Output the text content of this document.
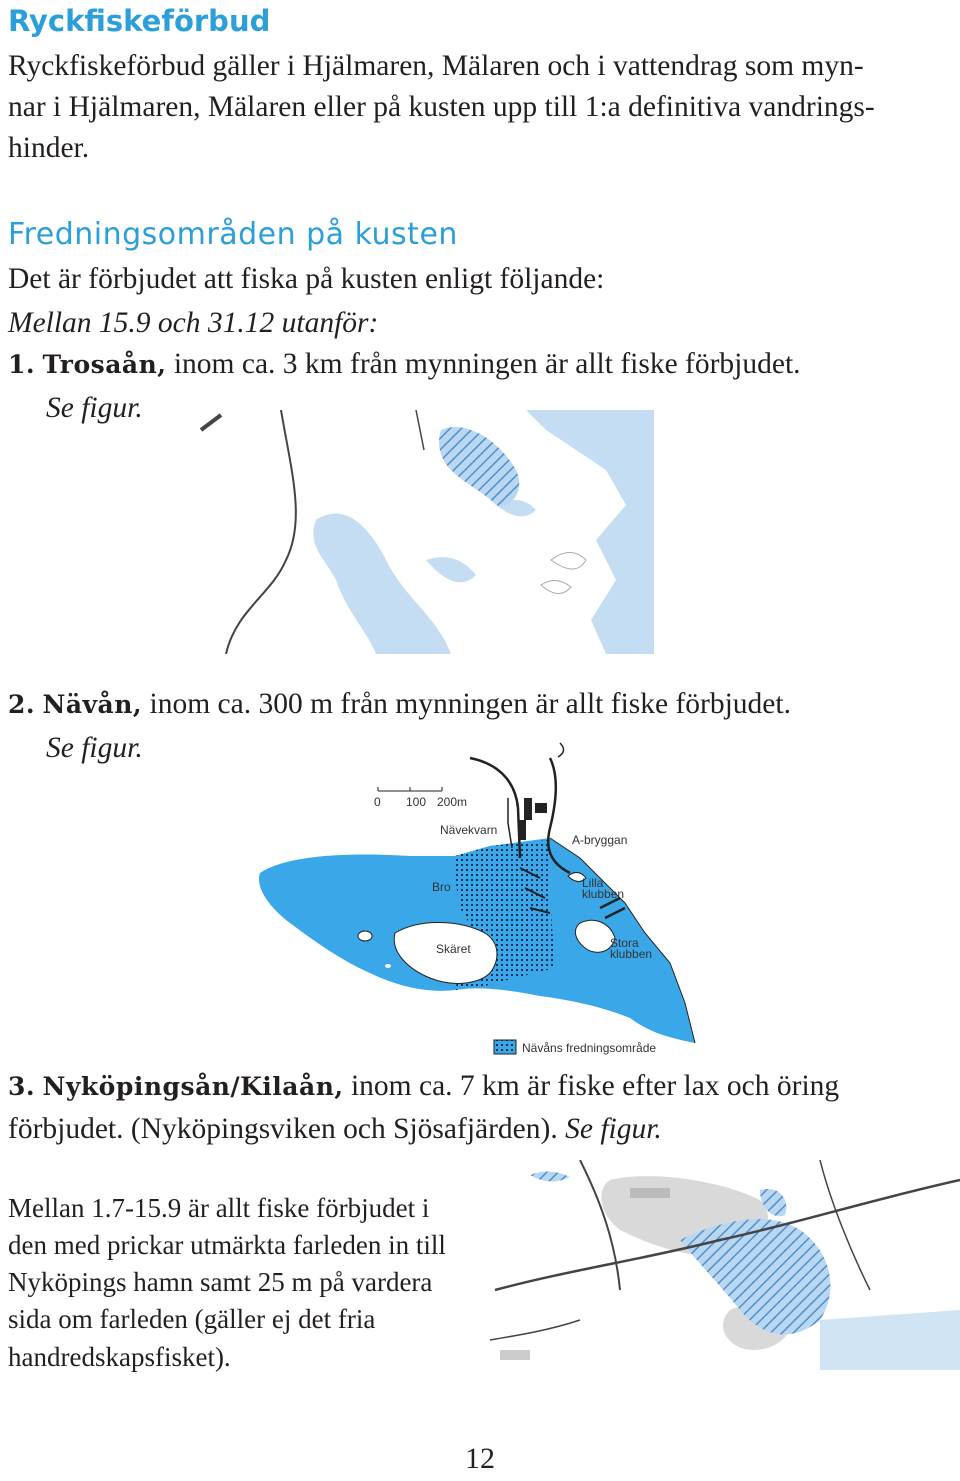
Ryckfiskeförbud
Ryckfiskeförbud gäller i Hjälmaren, Mälaren och i vattendrag som myn-
nar i Hjälmaren, Mälaren eller på kusten upp till 1:a definitiva vandrings-
hinder.
Fredningsområden på kusten
Det är förbjudet att fiska på kusten enligt följande:
Mellan 15.9 och 31.12 utanför:
1. Trosaån, inom ca. 3 km från mynningen är allt fiske förbjudet.
Se figur.
2. Nävån, inom ca. 300 m från mynningen är allt fiske förbjudet.
Se figur.
0 100 200m
Nävekvarn
A-bryggan
Bro	Lilla
klubben
Skäret	Stora
klubben
Nävåns fredningsområde
3. Nyköpingsån/Kilaån, inom ca. 7 km är fiske efter lax och öring
förbjudet. (Nyköpingsviken och Sjösafjärden). Se figur.
Mellan 1.7-15.9 är allt fiske förbjudet i
den med prickar utmärkta farleden in till
Nyköpings hamn samt 25 m på vardera
sida om farleden (gäller ej det fria
handredskapsfisket).
12
